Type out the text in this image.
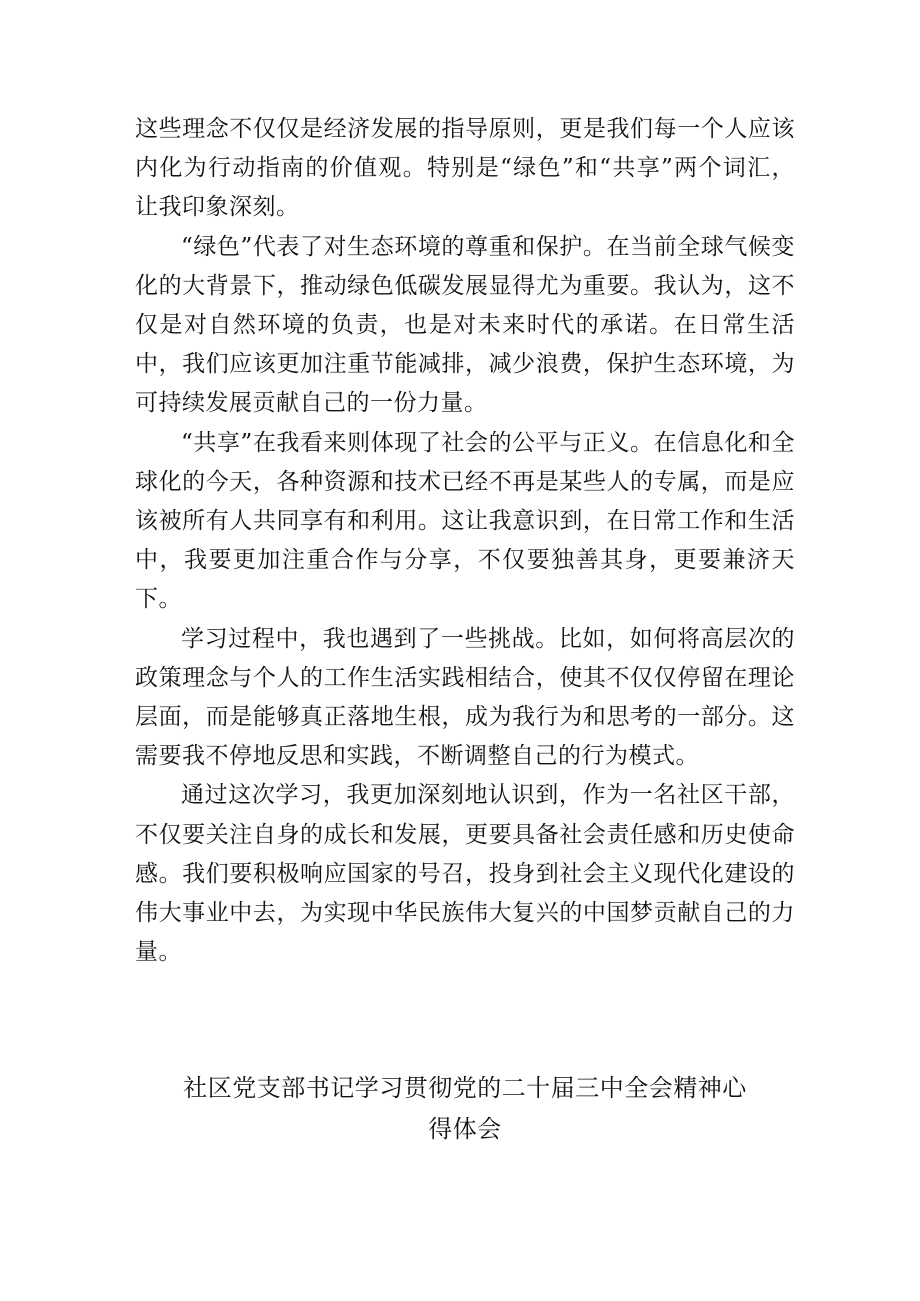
这些理念不仅仅是经济发展的指导原则，更是我们每一个人应该内化为行动指南的价值观。特别是“绿色”和“共享”两个词汇，让我印象深刻。

“绿色”代表了对生态环境的尊重和保护。在当前全球气候变化的大背景下，推动绿色低碳发展显得尤为重要。我认为，这不仅是对自然环境的负责，也是对未来时代的承诺。在日常生活中，我们应该更加注重节能减排，减少浪费，保护生态环境，为可持续发展贡献自己的一份力量。

“共享”在我看来则体现了社会的公平与正义。在信息化和全球化的今天，各种资源和技术已经不再是某些人的专属，而是应该被所有人共同享有和利用。这让我意识到，在日常工作和生活中，我要更加注重合作与分享，不仅要独善其身，更要兼济天下。

学习过程中，我也遇到了一些挑战。比如，如何将高层次的政策理念与个人的工作生活实践相结合，使其不仅仅停留在理论层面，而是能够真正落地生根，成为我行为和思考的一部分。这需要我不停地反思和实践，不断调整自己的行为模式。

通过这次学习，我更加深刻地认识到，作为一名社区干部，不仅要关注自身的成长和发展，更要具备社会责任感和历史使命感。我们要积极响应国家的号召，投身到社会主义现代化建设的伟大事业中去，为实现中华民族伟大复兴的中国梦贡献自己的力量。

社区党支部书记学习贯彻党的二十届三中全会精神心
得体会
